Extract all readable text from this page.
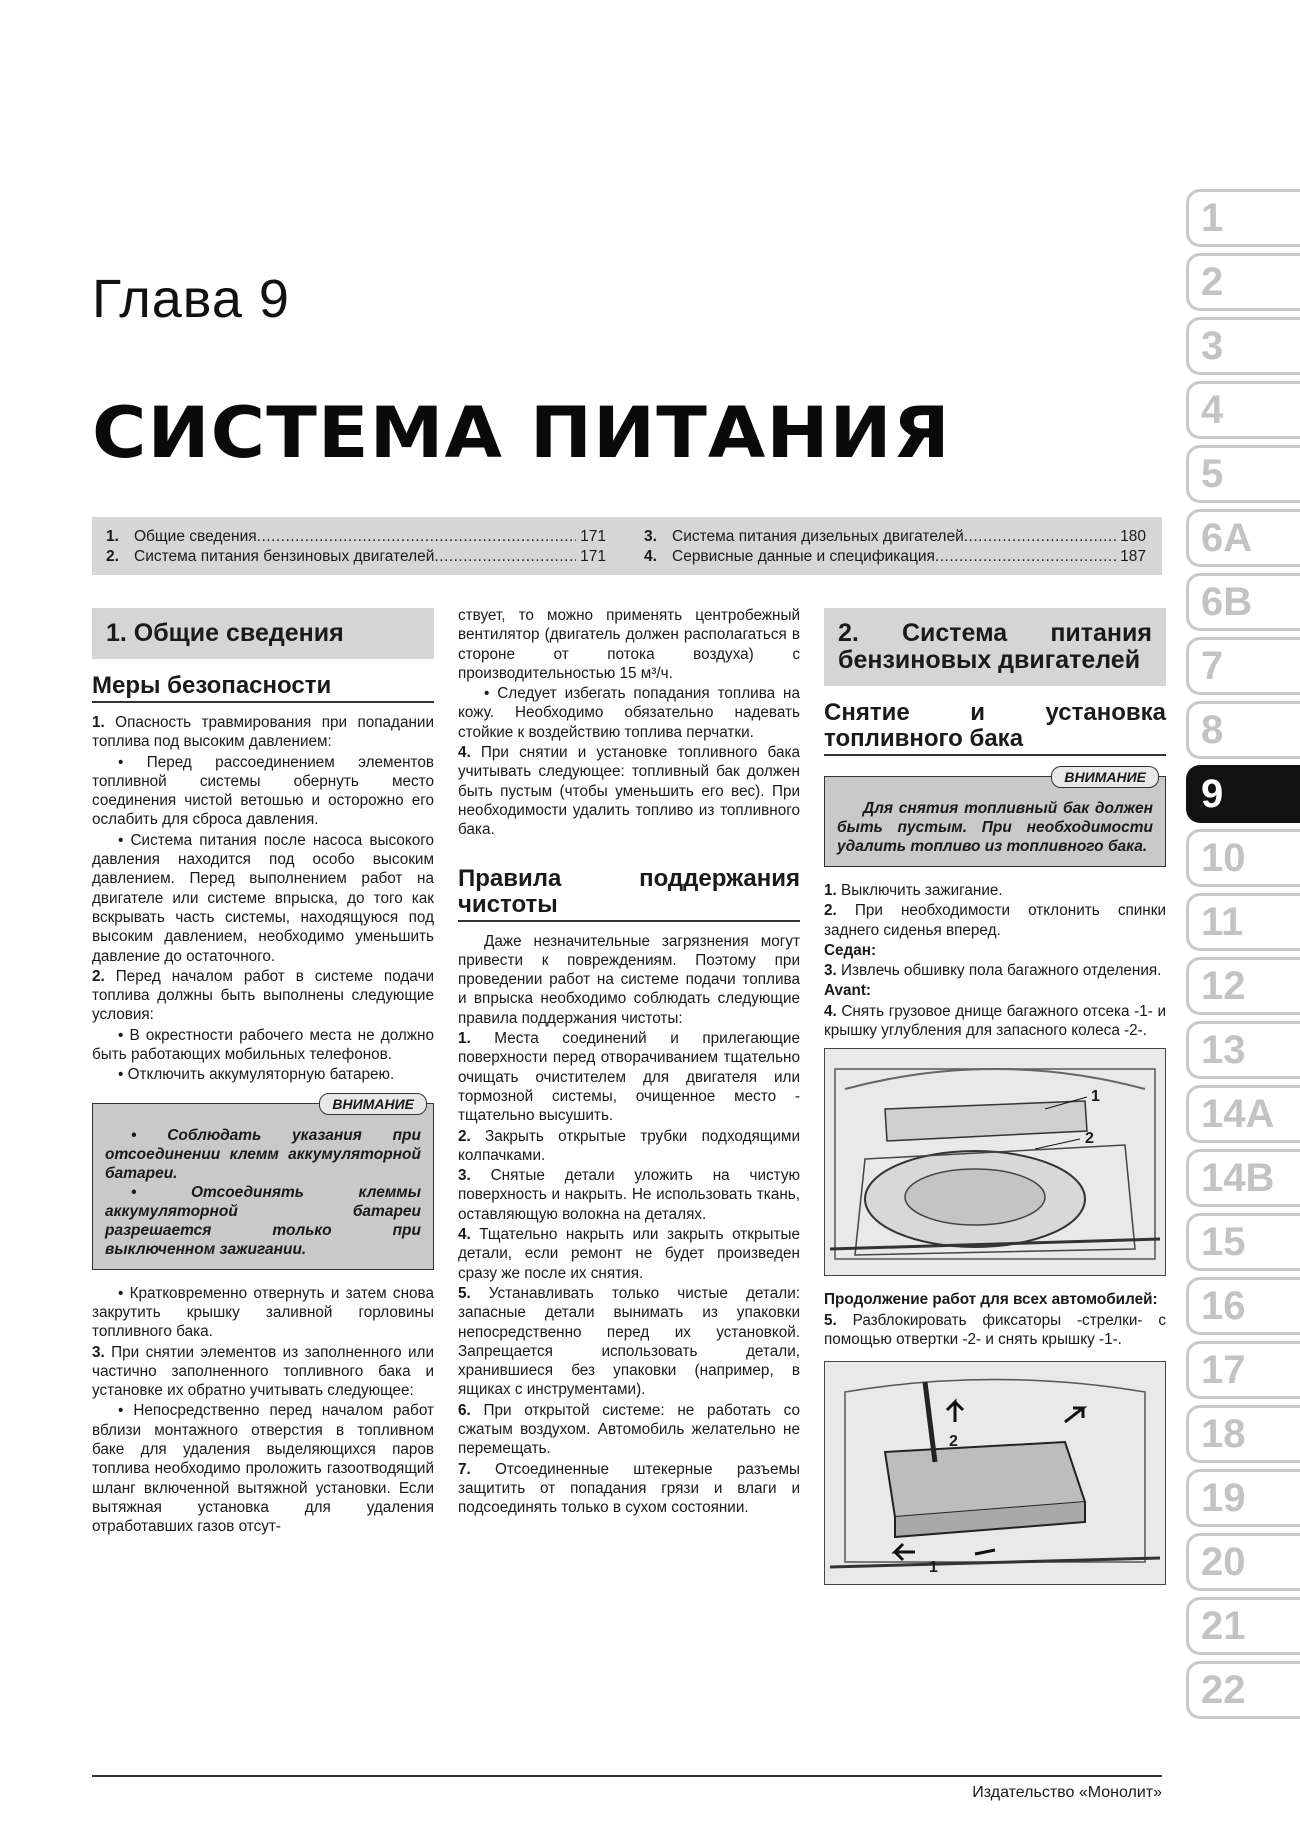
Глава 9
СИСТЕМА ПИТАНИЯ
1. Общие сведения .....	171
2. Система питания бензиновых двигателей .....	171
3. Система питания дизельных двигателей .....	180
4. Сервисные данные и спецификация .....	187
1. Общие сведения
Меры безопасности

1. Опасность травмирования при попадании топлива под высоким давлением:

• Перед рассоединением элементов топливной системы обернуть место соединения чистой ветошью и осторожно его ослабить для сброса давления.

• Система питания после насоса высокого давления находится под особо высоким давлением. Перед выполнением работ на двигателе или системе впрыска, до того как вскрывать часть системы, находящуюся под высоким давлением, необходимо уменьшить давление до остаточного.

2. Перед началом работ в системе подачи топлива должны быть выполнены следующие условия:

• В окрестности рабочего места не должно быть работающих мобильных телефонов.

• Отключить аккумуляторную батарею.

ВНИМАНИЕ

• Соблюдать указания при отсоединении клемм аккумуляторной батареи.

• Отсоединять клеммы аккумуляторной батареи разрешается только при выключенном зажигании.

• Кратковременно отвернуть и затем снова закрутить крышку заливной горловины топливного бака.

3. При снятии элементов из заполненного или частично заполненного топливного бака и установке их обратно учитывать следующее:

• Непосредственно перед началом работ вблизи монтажного отверстия в топливном баке для удаления выделяющихся паров топлива необходимо проложить газоотводящий шланг включенной вытяжной установки. Если вытяжная установка для удаления отработавших газов отсут-

ствует, то можно применять центробежный вентилятор (двигатель должен располагаться в стороне от потока воздуха) с производительностью 15 м³/ч.

• Следует избегать попадания топлива на кожу. Необходимо обязательно надевать стойкие к воздействию топлива перчатки.

4. При снятии и установке топливного бака учитывать следующее: топливный бак должен быть пустым (чтобы уменьшить его вес). При необходимости удалить топливо из топливного бака.

Правила поддержания чистоты

Даже незначительные загрязнения могут привести к повреждениям. Поэтому при проведении работ на системе подачи топлива и впрыска необходимо соблюдать следующие правила поддержания чистоты:

1. Места соединений и прилегающие поверхности перед отворачиванием тщательно очищать очистителем для двигателя или тормозной системы, очищенное место - тщательно высушить.

2. Закрыть открытые трубки подходящими колпачками.

3. Снятые детали уложить на чистую поверхность и накрыть. Не использовать ткань, оставляющую волокна на деталях.

4. Тщательно накрыть или закрыть открытые детали, если ремонт не будет произведен сразу же после их снятия.

5. Устанавливать только чистые детали: запасные детали вынимать из упаковки непосредственно перед их установкой. Запрещается использовать детали, хранившиеся без упаковки (например, в ящиках с инструментами).

6. При открытой системе: не работать со сжатым воздухом. Автомобиль желательно не перемещать.

7. Отсоединенные штекерные разъемы защитить от попадания грязи и влаги и подсоединять только в сухом состоянии.

2. Система питания бензиновых двигателей
Снятие и установка топливного бака
ВНИМАНИЕ

Для снятия топливный бак должен быть пустым. При необходимости удалить топливо из топливного бака.

1. Выключить зажигание.

2. При необходимости отклонить спинки заднего сиденья вперед.

Седан:

3. Извлечь обшивку пола багажного отделения.

Avant:

4. Снять грузовое днище багажного отсека -1- и крышку углубления для запасного колеса -2-.

1
2

Продолжение работ для всех автомобилей:

5. Разблокировать фиксаторы -стрелки- с помощью отвертки -2- и снять крышку -1-.

2
1
1
2
3
4
5
6A
6B
7
8
9
10
11
12
13
14A
14B
15
16
17
18
19
20
21
22
Издательство «Монолит»
